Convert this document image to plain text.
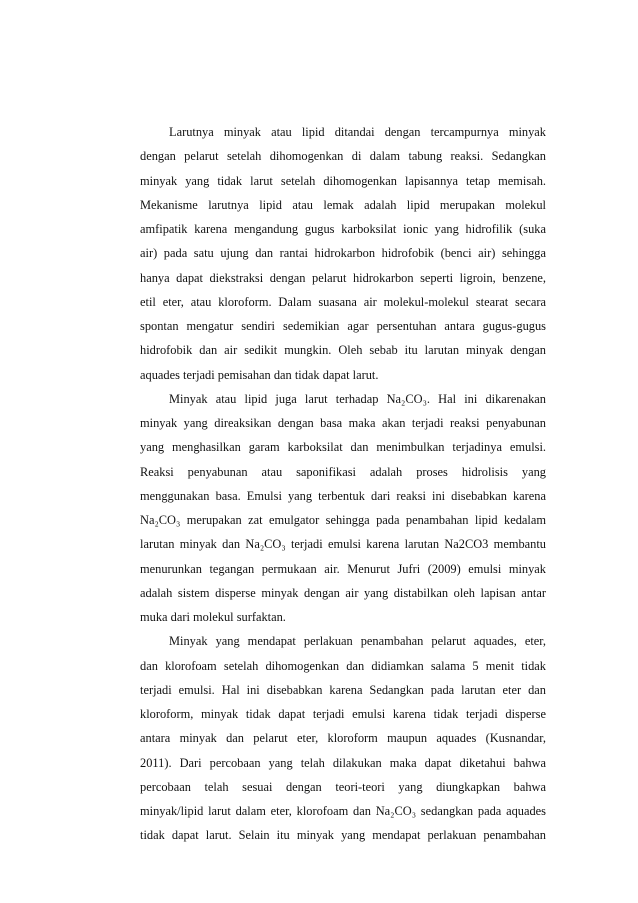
Larutnya minyak atau lipid ditandai dengan tercampurnya minyak
dengan pelarut setelah dihomogenkan di dalam tabung reaksi. Sedangkan
minyak yang tidak larut setelah dihomogenkan lapisannya tetap memisah.
Mekanisme larutnya lipid atau lemak adalah lipid merupakan molekul
amfipatik karena mengandung gugus karboksilat ionic yang hidrofilik (suka
air) pada satu ujung dan rantai hidrokarbon hidrofobik (benci air) sehingga
hanya dapat diekstraksi dengan pelarut hidrokarbon seperti ligroin, benzene,
etil eter, atau kloroform. Dalam suasana air molekul-molekul stearat secara
spontan mengatur sendiri sedemikian agar persentuhan antara gugus-gugus
hidrofobik dan air sedikit mungkin. Oleh sebab itu larutan minyak dengan
aquades terjadi pemisahan dan tidak dapat larut.
Minyak atau lipid juga larut terhadap Na₂CO₃. Hal ini dikarenakan
minyak yang direaksikan dengan basa maka akan terjadi reaksi penyabunan
yang menghasilkan garam karboksilat dan menimbulkan terjadinya emulsi.
Reaksi penyabunan atau saponifikasi adalah proses hidrolisis yang
menggunakan basa. Emulsi yang terbentuk dari reaksi ini disebabkan karena
Na₂CO₃ merupakan zat emulgator sehingga pada penambahan lipid kedalam
larutan minyak dan Na₂CO₃ terjadi emulsi karena larutan Na2CO3 membantu
menurunkan tegangan permukaan air. Menurut Jufri (2009) emulsi minyak
adalah sistem disperse minyak dengan air yang distabilkan oleh lapisan antar
muka dari molekul surfaktan.
Minyak yang mendapat perlakuan penambahan pelarut aquades, eter,
dan klorofoam setelah dihomogenkan dan didiamkan salama 5 menit tidak
terjadi emulsi. Hal ini disebabkan karena Sedangkan pada larutan eter dan
kloroform, minyak tidak dapat terjadi emulsi karena tidak terjadi disperse
antara minyak dan pelarut eter, kloroform maupun aquades (Kusnandar,
2011). Dari percobaan yang telah dilakukan maka dapat diketahui bahwa
percobaan telah sesuai dengan teori-teori yang diungkapkan bahwa
minyak/lipid larut dalam eter, klorofoam dan Na₂CO₃ sedangkan pada aquades
tidak dapat larut. Selain itu minyak yang mendapat perlakuan penambahan
